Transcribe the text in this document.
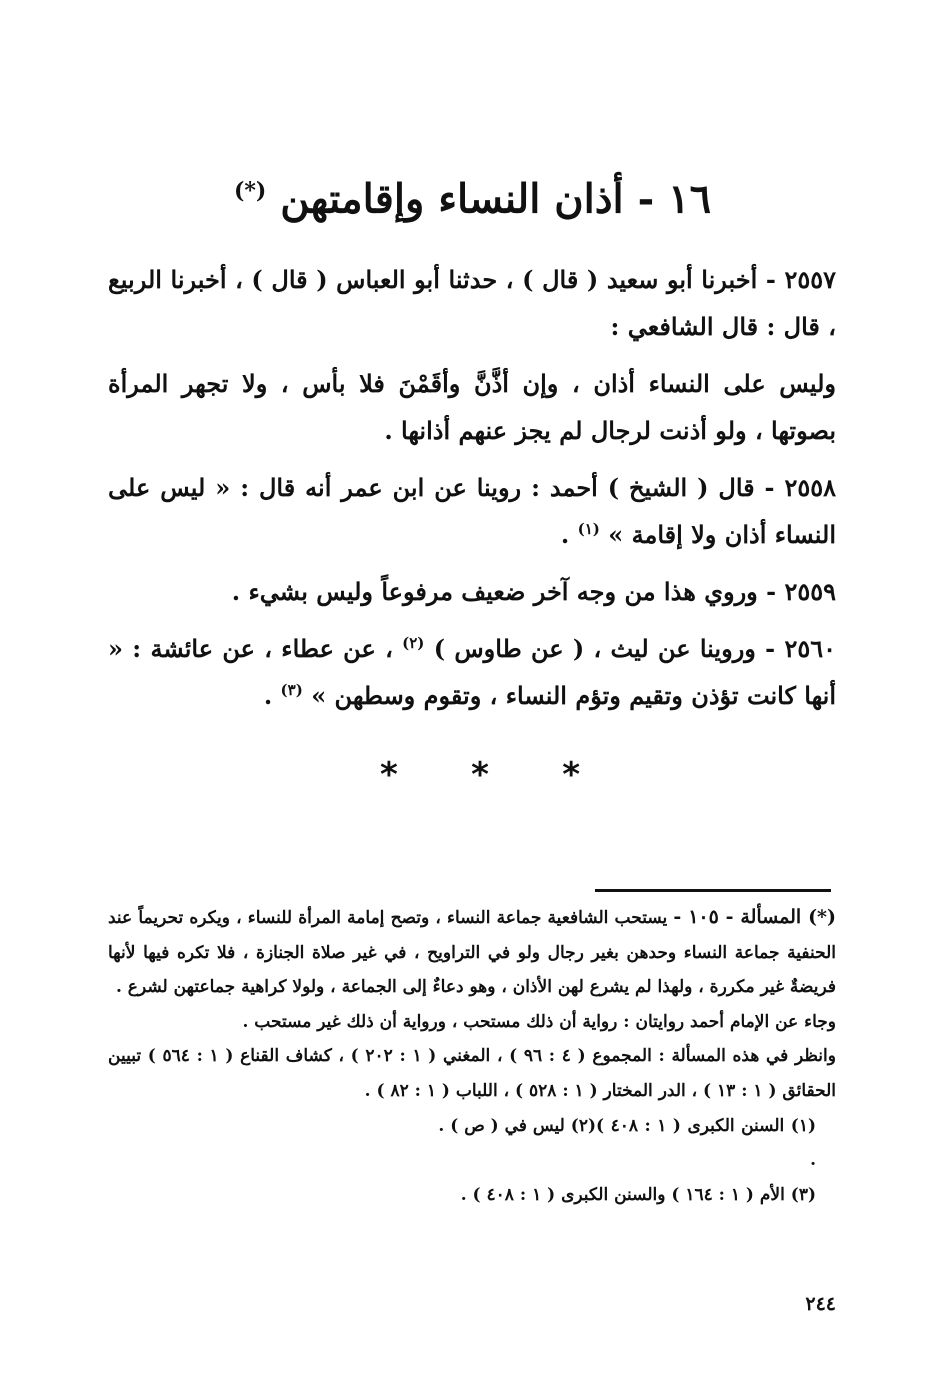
١٦ - أذان النساء وإقامتهن (*)

٢٥٥٧ - أخبرنا أبو سعيد ( قال ) ، حدثنا أبو العباس ( قال ) ، أخبرنا الربيع ، قال : قال الشافعي :

وليس على النساء أذان ، وإن أذَّنَّ وأقَمْنَ فلا بأس ، ولا تجهر المرأة بصوتها ، ولو أذنت لرجال لم يجز عنهم أذانها .

٢٥٥٨ - قال ( الشيخ ) أحمد : روينا عن ابن عمر أنه قال : « ليس على النساء أذان ولا إقامة » $^{(١)}$ .

٢٥٥٩ - وروي هذا من وجه آخر ضعيف مرفوعاً وليس بشيء .

٢٥٦٠ - وروينا عن ليث ، ( عن طاوس ) $^{(٢)}$ ، عن عطاء ، عن عائشة : « أنها كانت تؤذن وتقيم وتؤم النساء ، وتقوم وسطهن » $^{(٣)}$ .

*
*
*

(*) المسألة - ١٠٥ - يستحب الشافعية جماعة النساء ، وتصح إمامة المرأة للنساء ، ويكره تحريماً عند الحنفية جماعة النساء وحدهن بغير رجال ولو في التراويح ، في غير صلاة الجنازة ، فلا تكره فيها لأنها فريضةٌ غير مكررة ، ولهذا لم يشرع لهن الأذان ، وهو دعاءٌ إلى الجماعة ، ولولا كراهية جماعتهن لشرع .

وجاء عن الإمام أحمد روايتان : رواية أن ذلك مستحب ، ورواية أن ذلك غير مستحب .

وانظر في هذه المسألة : المجموع ( ٤ : ٩٦ ) ، المغني ( ١ : ٢٠٢ ) ، كشاف القناع ( ١ : ٥٦٤ ) تبيين الحقائق ( ١ : ١٣ ) ، الدر المختار ( ١ : ٥٢٨ ) ، اللباب ( ١ : ٨٢ ) .

(١) السنن الكبرى ( ١ : ٤٠٨ ) .
(٢) ليس في ( ص ) .

(٣) الأم ( ١ : ١٦٤ ) والسنن الكبرى ( ١ : ٤٠٨ ) .

٢٤٤
